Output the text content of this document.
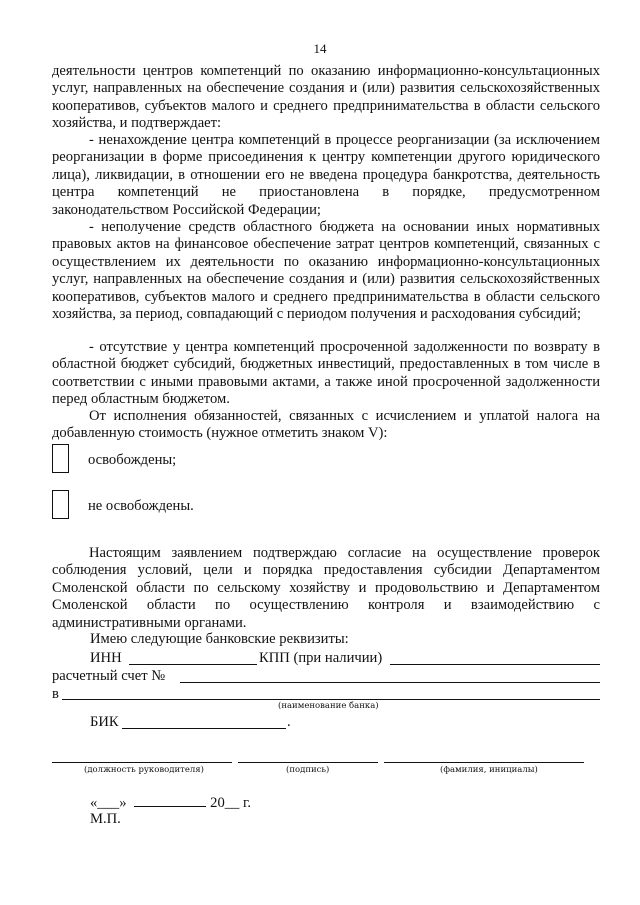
14
деятельности центров компетенций по оказанию информационно-консультационных услуг, направленных на обеспечение создания и (или) развития сельскохозяйственных кооперативов, субъектов малого и среднего предпринимательства в области сельского хозяйства, и подтверждает:
- ненахождение центра компетенций в процессе реорганизации (за исключением реорганизации в форме присоединения к центру компетенции другого юридического лица), ликвидации, в отношении его не введена процедура банкротства, деятельность центра компетенций не приостановлена в порядке, предусмотренном законодательством Российской Федерации;
- неполучение средств областного бюджета на основании иных нормативных правовых актов на финансовое обеспечение затрат центров компетенций, связанных с осуществлением их деятельности по оказанию информационно-консультационных услуг, направленных на обеспечение создания и (или) развития сельскохозяйственных кооперативов, субъектов малого и среднего предпринимательства в области сельского хозяйства, за период, совпадающий с периодом получения и расходования субсидий;
- отсутствие у центра компетенций просроченной задолженности по возврату в областной бюджет субсидий, бюджетных инвестиций, предоставленных в том числе в соответствии с иными правовыми актами, а также иной просроченной задолженности перед областным бюджетом.
От исполнения обязанностей, связанных с исчислением и уплатой налога на добавленную стоимость (нужное отметить знаком V):
освобождены;
не освобождены.
Настоящим заявлением подтверждаю согласие на осуществление проверок соблюдения условий, цели и порядка предоставления субсидии Департаментом Смоленской области по сельскому хозяйству и продовольствию и Департаментом Смоленской области по осуществлению контроля и взаимодействию с административными органами.
Имею следующие банковские реквизиты:
ИНН	КПП (при наличии)
расчетный счет №
в
(наименование банка)
БИК	.
(должность руководителя)	(подпись)	(фамилия, инициалы)
«___»	20__ г.
М.П.
